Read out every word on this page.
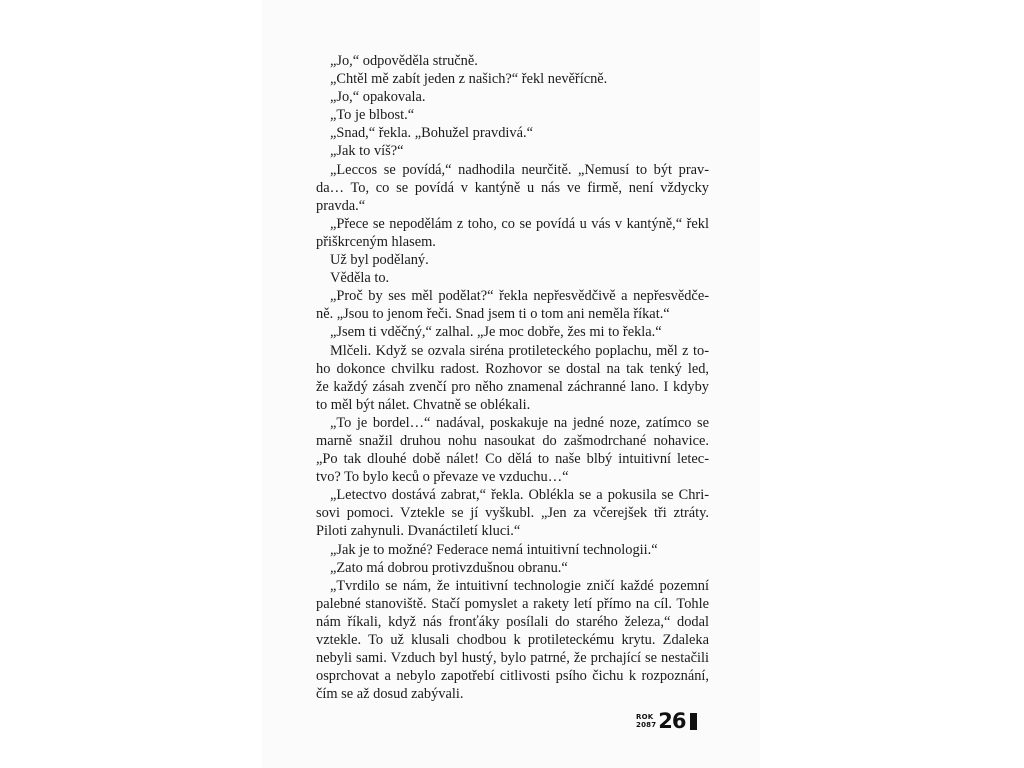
„Jo,“ odpověděla stručně.
„Chtěl mě zabít jeden z našich?“ řekl nevěřícně.
„Jo,“ opakovala.
„To je blbost.“
„Snad,“ řekla. „Bohužel pravdivá.“
„Jak to víš?“
„Leccos se povídá,“ nadhodila neurčitě. „Nemusí to být prav-
da… To, co se povídá v kantýně u nás ve firmě, není vždycky
pravda.“
„Přece se nepodělám z toho, co se povídá u vás v kantýně,“ řekl
přiškrceným hlasem.
Už byl podělaný.
Věděla to.
„Proč by ses měl podělat?“ řekla nepřesvědčivě a nepřesvědče-
ně. „Jsou to jenom řeči. Snad jsem ti o tom ani neměla říkat.“
„Jsem ti vděčný,“ zalhal. „Je moc dobře, žes mi to řekla.“
Mlčeli. Když se ozvala siréna protileteckého poplachu, měl z to-
ho dokonce chvilku radost. Rozhovor se dostal na tak tenký led,
že každý zásah zvenčí pro něho znamenal záchranné lano. I kdyby
to měl být nálet. Chvatně se oblékali.
„To je bordel…“ nadával, poskakuje na jedné noze, zatímco se
marně snažil druhou nohu nasoukat do zašmodrchané nohavice.
„Po tak dlouhé době nálet! Co dělá to naše blbý intuitivní letec-
tvo? To bylo keců o převaze ve vzduchu…“
„Letectvo dostává zabrat,“ řekla. Oblékla se a pokusila se Chri-
sovi pomoci. Vztekle se jí vyškubl. „Jen za včerejšek tři ztráty.
Piloti zahynuli. Dvanáctiletí kluci.“
„Jak je to možné? Federace nemá intuitivní technologii.“
„Zato má dobrou protivzdušnou obranu.“
„Tvrdilo se nám, že intuitivní technologie zničí každé pozemní
palebné stanoviště. Stačí pomyslet a rakety letí přímo na cíl. Tohle
nám říkali, když nás fronťáky posílali do starého železa,“ dodal
vztekle. To už klusali chodbou k protileteckému krytu. Zdaleka
nebyli sami. Vzduch byl hustý, bylo patrné, že prchající se nestačili
osprchovat a nebylo zapotřebí citlivosti psího čichu k rozpoznání,
čím se až dosud zabývali.
ROK
2087 26
